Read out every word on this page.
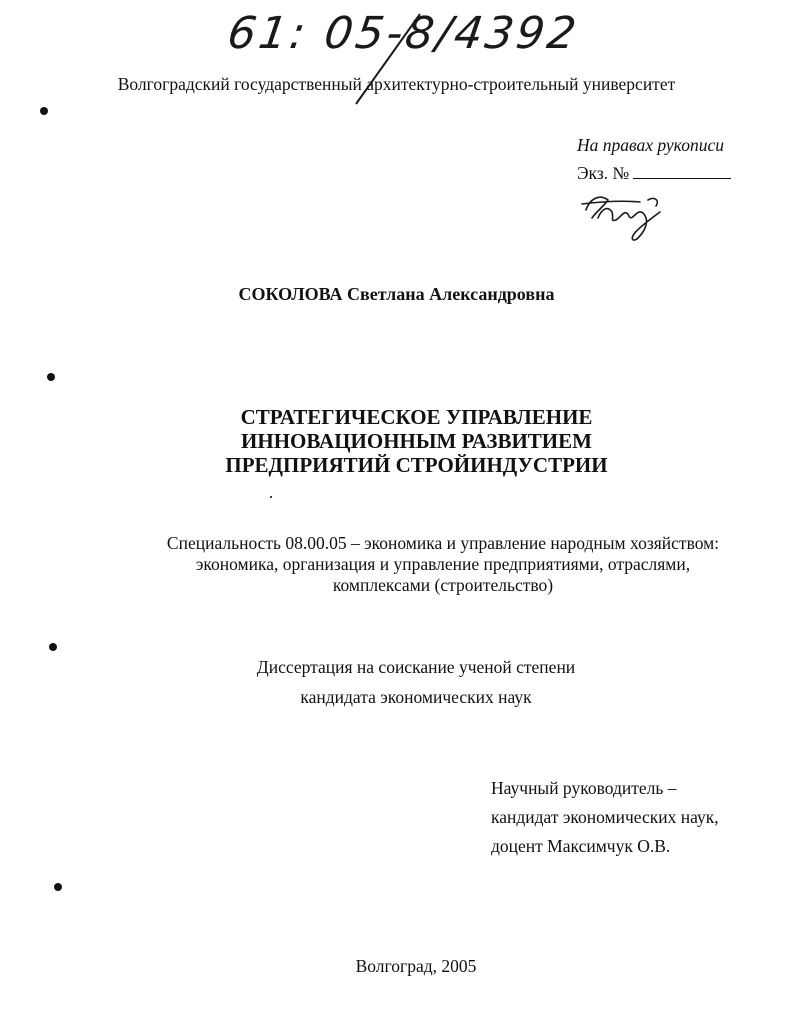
61: 05-8/4392
Волгоградский государственный архитектурно-строительный университет
На правах рукописи
Экз. №
СОКОЛОВА Светлана Александровна
СТРАТЕГИЧЕСКОЕ УПРАВЛЕНИЕ
ИННОВАЦИОННЫМ РАЗВИТИЕМ
ПРЕДПРИЯТИЙ СТРОЙИНДУСТРИИ
Специальность 08.00.05 – экономика и управление народным хозяйством:
экономика, организация и управление предприятиями, отраслями,
комплексами (строительство)
Диссертация на соискание ученой степени
кандидата экономических наук
Научный руководитель –
кандидат экономических наук,
доцент Максимчук О.В.
Волгоград, 2005
